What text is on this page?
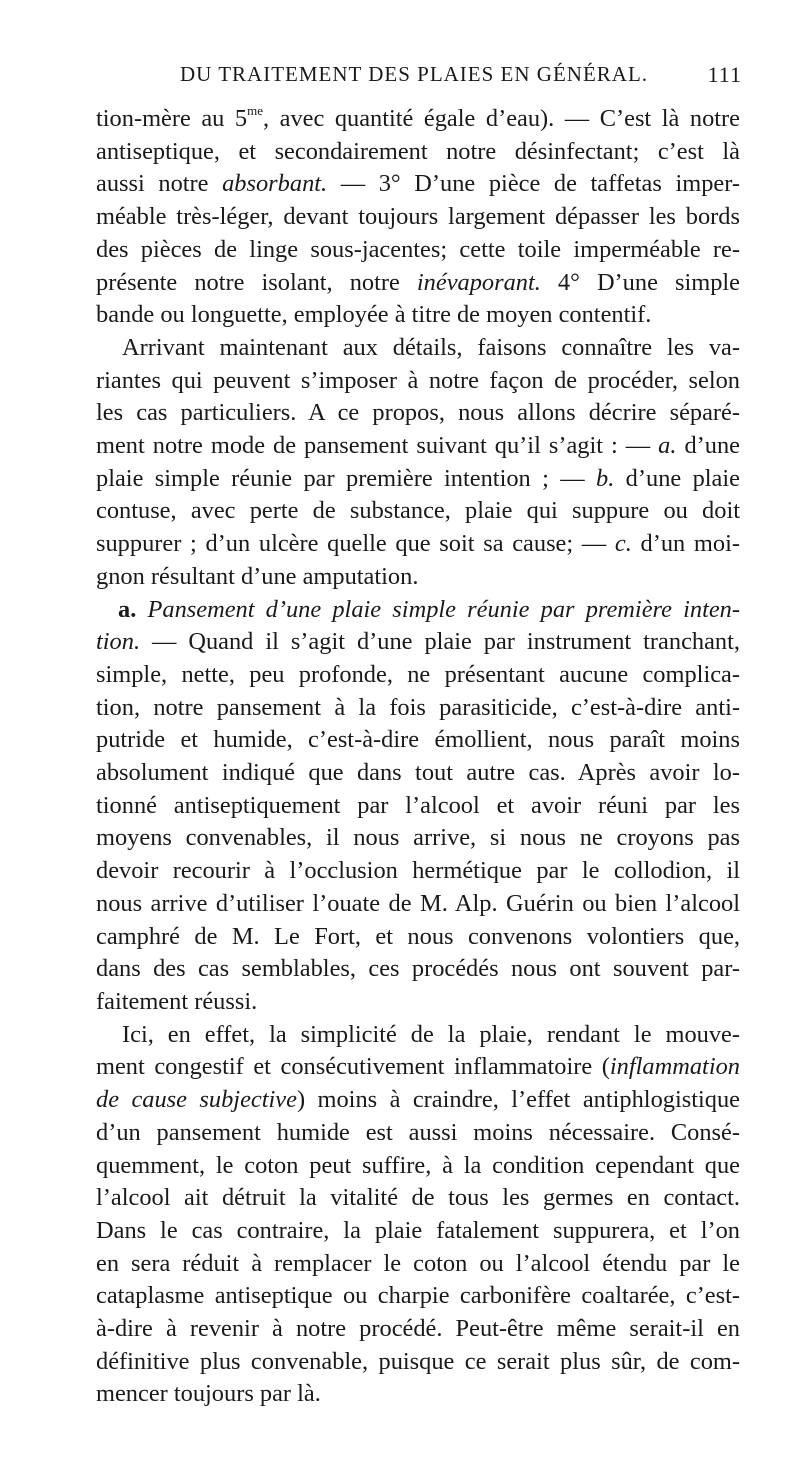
DU TRAITEMENT DES PLAIES EN GÉNÉRAL.	111

tion-mère au $5^{me}$, avec quantité égale d’eau). — C’est là notre

antiseptique, et secondairement notre désinfectant; c’est là

aussi notre absorbant. — 3° D’une pièce de taffetas imper-

méable très-léger, devant toujours largement dépasser les bords

des pièces de linge sous-jacentes; cette toile imperméable re-

présente notre isolant, notre inévaporant. 4° D’une simple

bande ou longuette, employée à titre de moyen contentif.

Arrivant maintenant aux détails, faisons connaître les va-

riantes qui peuvent s’imposer à notre façon de procéder, selon

les cas particuliers. A ce propos, nous allons décrire séparé-

ment notre mode de pansement suivant qu’il s’agit : — a. d’une

plaie simple réunie par première intention ; — b. d’une plaie

contuse, avec perte de substance, plaie qui suppure ou doit

suppurer ; d’un ulcère quelle que soit sa cause; — c. d’un moi-

gnon résultant d’une amputation.

a. Pansement d’une plaie simple réunie par première inten-

tion. — Quand il s’agit d’une plaie par instrument tranchant,

simple, nette, peu profonde, ne présentant aucune complica-

tion, notre pansement à la fois parasiticide, c’est-à-dire anti-

putride et humide, c’est-à-dire émollient, nous paraît moins

absolument indiqué que dans tout autre cas. Après avoir lo-

tionné antiseptiquement par l’alcool et avoir réuni par les

moyens convenables, il nous arrive, si nous ne croyons pas

devoir recourir à l’occlusion hermétique par le collodion, il

nous arrive d’utiliser l’ouate de M. Alp. Guérin ou bien l’alcool

camphré de M. Le Fort, et nous convenons volontiers que,

dans des cas semblables, ces procédés nous ont souvent par-

faitement réussi.

Ici, en effet, la simplicité de la plaie, rendant le mouve-

ment congestif et consécutivement inflammatoire (inflammation

de cause subjective) moins à craindre, l’effet antiphlogistique

d’un pansement humide est aussi moins nécessaire. Consé-

quemment, le coton peut suffire, à la condition cependant que

l’alcool ait détruit la vitalité de tous les germes en contact.

Dans le cas contraire, la plaie fatalement suppurera, et l’on

en sera réduit à remplacer le coton ou l’alcool étendu par le

cataplasme antiseptique ou charpie carbonifère coaltarée, c’est-

à-dire à revenir à notre procédé. Peut-être même serait-il en

définitive plus convenable, puisque ce serait plus sûr, de com-

mencer toujours par là.
